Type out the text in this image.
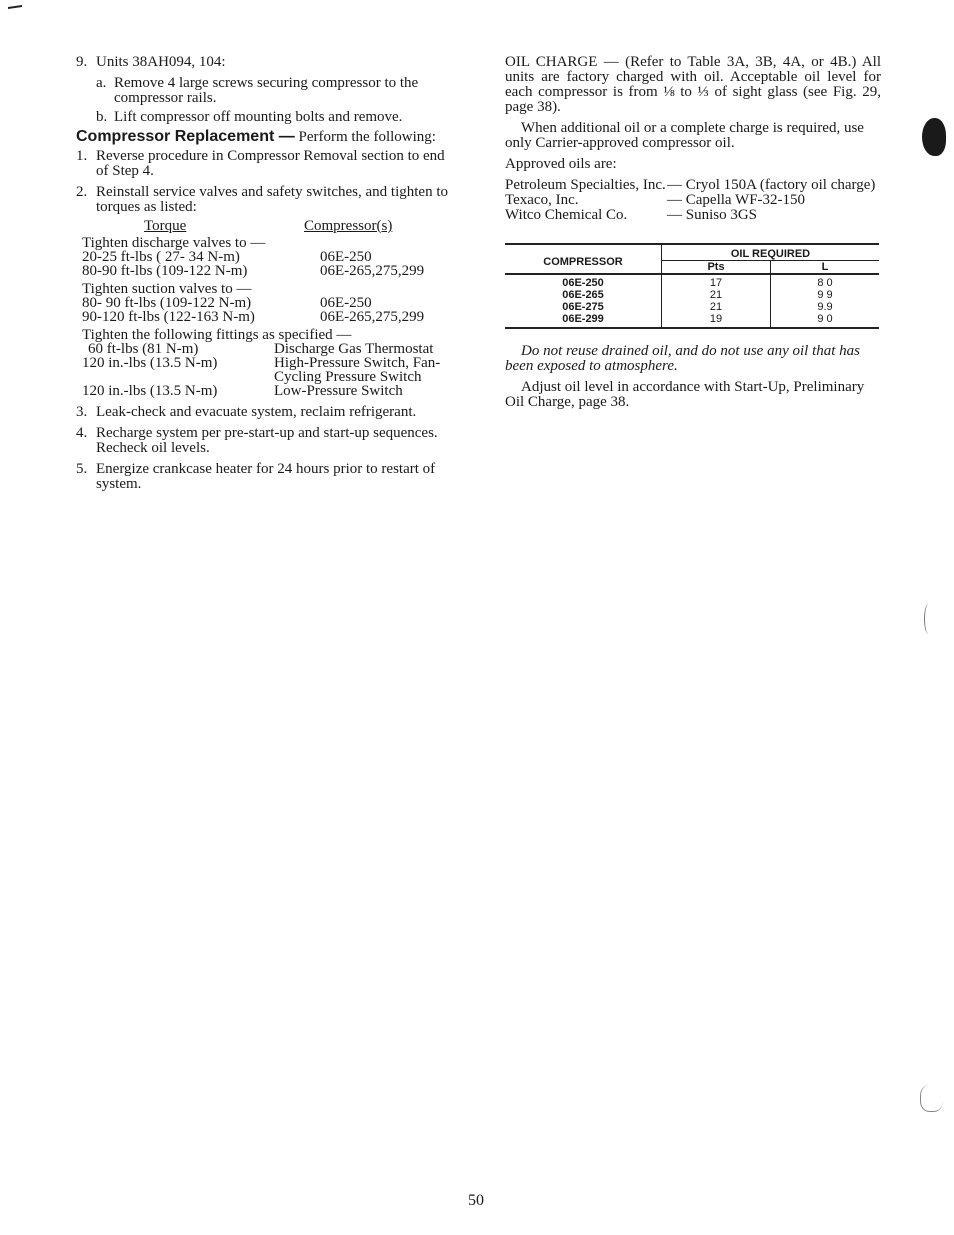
9. Units 38AH094, 104:
a. Remove 4 large screws securing compressor to the compressor rails.
b. Lift compressor off mounting bolts and remove.

Compressor Replacement — Perform the following:

1. Reverse procedure in Compressor Removal section to end of Step 4.
2. Reinstall service valves and safety switches, and tighten to torques as listed:
Torque	Compressor(s)
Tighten discharge valves to —
20-25 ft-lbs ( 27- 34 N-m)	06E-250
80-90 ft-lbs (109-122 N-m)	06E-265,275,299
Tighten suction valves to —
80- 90 ft-lbs (109-122 N-m)	06E-250
90-120 ft-lbs (122-163 N-m)	06E-265,275,299
Tighten the following fittings as specified —
60 ft-lbs (81 N-m)	Discharge Gas Thermostat
120 in.-lbs (13.5 N-m)	High-Pressure Switch, Fan-
Cycling Pressure Switch
120 in.-lbs (13.5 N-m)	Low-Pressure Switch
3. Leak-check and evacuate system, reclaim refrigerant.
4. Recharge system per pre-start-up and start-up sequences. Recheck oil levels.
5. Energize crankcase heater for 24 hours prior to restart of system.

OIL CHARGE — (Refer to Table 3A, 3B, 4A, or 4B.) All units are factory charged with oil. Acceptable oil level for each compressor is from ⅛ to ⅓ of sight glass (see Fig. 29, page 38).

When additional oil or a complete charge is required, use only Carrier-approved compressor oil.

Approved oils are:

Petroleum Specialties, Inc. — Cryol 150A (factory oil charge)
Texaco, Inc.	— Capella WF-32-150
Witco Chemical Co.	— Suniso 3GS
COMPRESSOR	OIL REQUIRED	
	Pts	L
06E-250	17	8 0
06E-265	21	9 9
06E-275	21	9.9
06E-299	19	9 0

Do not reuse drained oil, and do not use any oil that has been exposed to atmosphere.

Adjust oil level in accordance with Start-Up, Preliminary Oil Charge, page 38.

50
